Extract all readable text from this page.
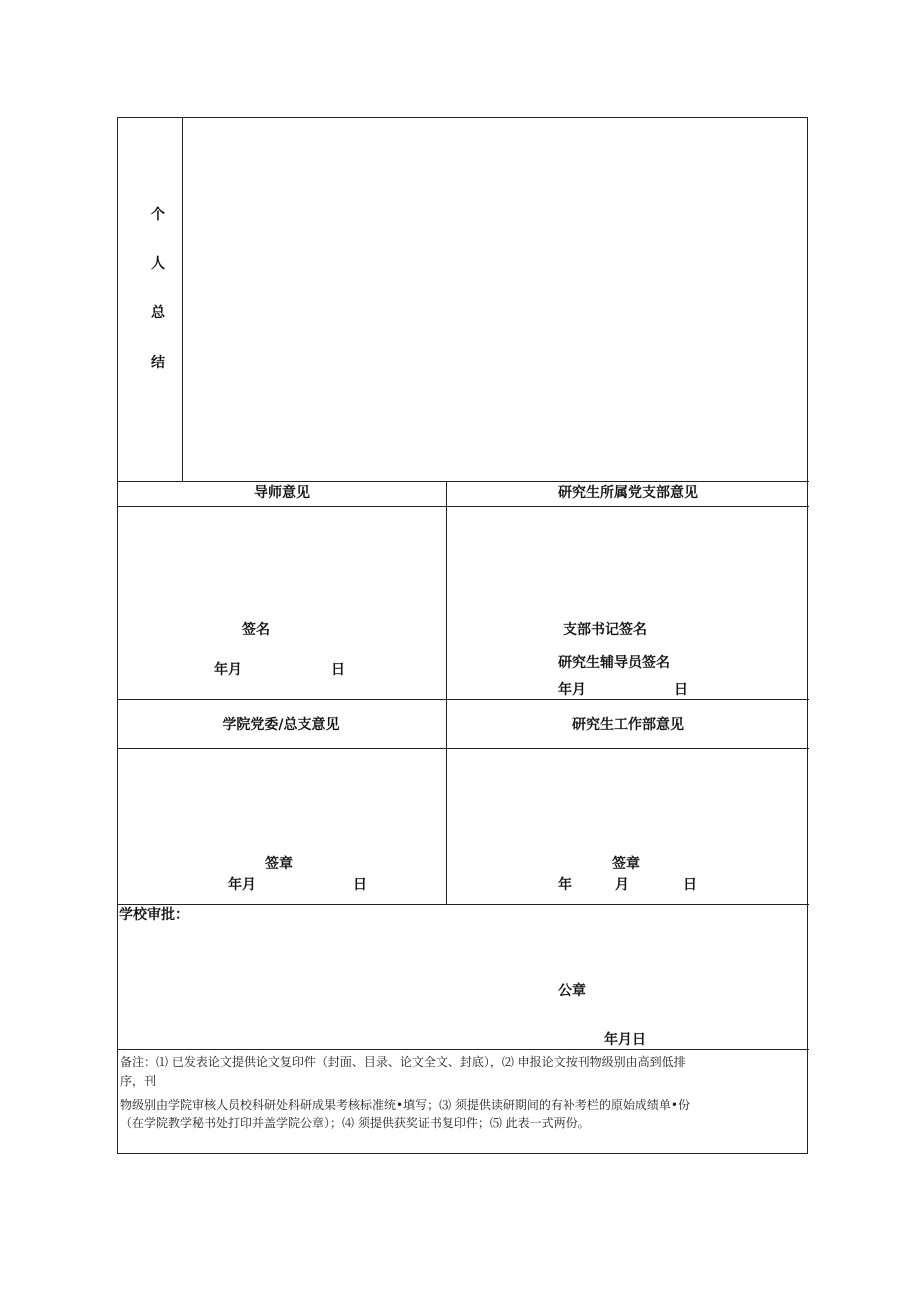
个
人
总
结
导师意见
签名
年月	日
研究生所属党支部意见
支部书记签名
研究生辅导员签名
年月	日
学院党委/总支意见
签章
年月	日
研究生工作部意见
签章
年	月	日
学校审批：
公章
年月日
备注：⑴ 已发表论文提供论文复印件（封面、目录、论文全文、封底），⑵ 申报论文按刊物级别由高到低排
序，刊
物级别由学院审核人员校科研处科研成果考核标准统•填写；⑶ 须提供读研期间的有补考栏的原始成绩单•份
（在学院教学秘书处打印并盖学院公章）；⑷ 须提供获奖证书复印件；⑸ 此表一式两份。
